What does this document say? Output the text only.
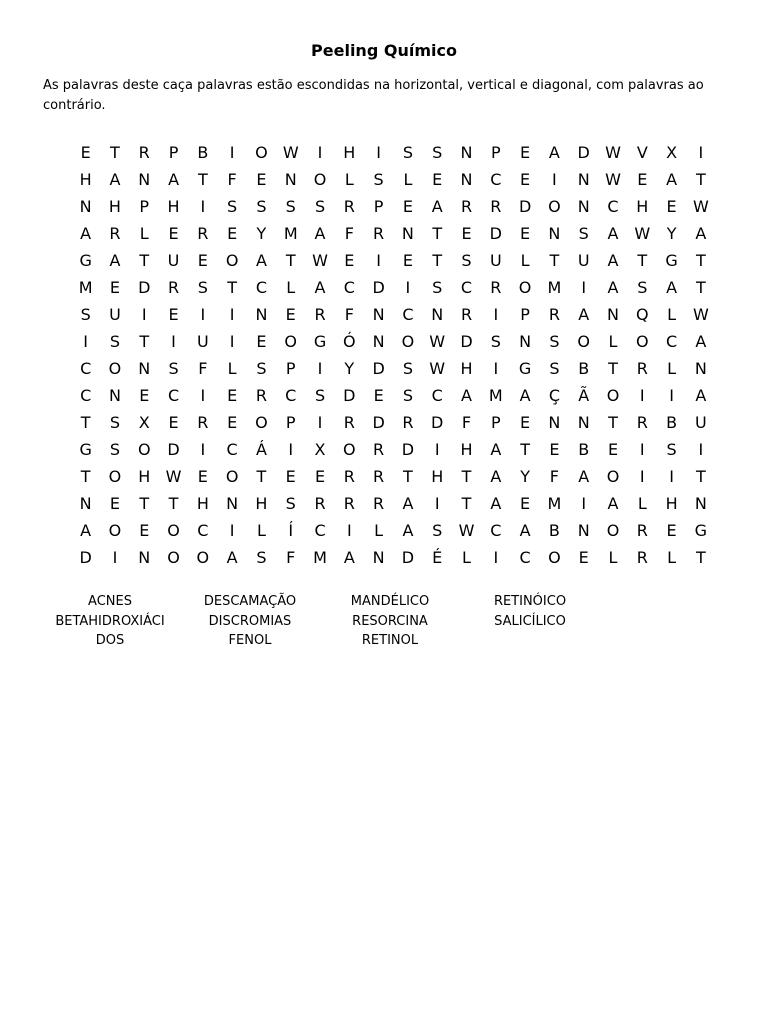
Peeling Químico
As palavras deste caça palavras estão escondidas na horizontal, vertical e diagonal, com palavras ao contrário.
E	T	R	P	B	I	O W	I	H	I	S	S	N	P	E	A	D W V	X	I
H	A	N	A	T	F	E	N	O	L	S	L	E	N	C	E	I	N W	E	A	T
N	H	P	H	I	S	S	S	S	R	P	E	A	R	R	D	O	N	C	H	E	W
A	R	L	E	R	E	Y	M	A	F	R	N	T	E	D	E	N	S	A W	Y	A
G	A	T	U	E	O	A	T	W	E	I	E	T	S	U	L	T	U	A	T	G	T
M	E	D	R	S	T	C	L	A	C	D	I	S	C	R	O	M	I	A	S	A	T
S	U	I	E	I	I	N	E	R	F	N	C	N	R	I	P	R	A	N	Q	L	W
I	S	T	I	U	I	E	O	G	Ó	N	O W D	S	N	S	O	L	O	C	A
C	O	N	S	F	L	S	P	I	Y	D	S	W H	I	G	S	B	T	R	L	N
C	N	E	C	I	E	R	C	S	D	E	S	C	A	M	A	Ç	Ã	O	I	I	A
T	S	X	E	R	E	O	P	I	R	D	R	D	F	P	E	N	N	T	R	B	U
G	S	O	D	I	C	Á	I	X	O	R	D	I	H	A	T	E	B	E	I	S	I
T	O	H W	E	O	T	E	E	R	R	T	H	T	A	Y	F	A	O	I	I	T
N	E	T	T	H	N	H	S	R	R	R	A	I	T	A	E	M	I	A	L	H	N
A	O	E	O	C	I	L	Í	C	I	L	A	S	W C	A	B	N	O	R	E	G
D	I	N	O	O	A	S	F	M	A	N	D	É	L	I	C	O	E	L	R	L	T
ACNES
BETAHIDROXIÁCI
DOS
DESCAMAÇÃO
DISCROMIAS
FENOL
MANDÉLICO
RESORCINA
RETINOL
RETINÓICO
SALICÍLICO
